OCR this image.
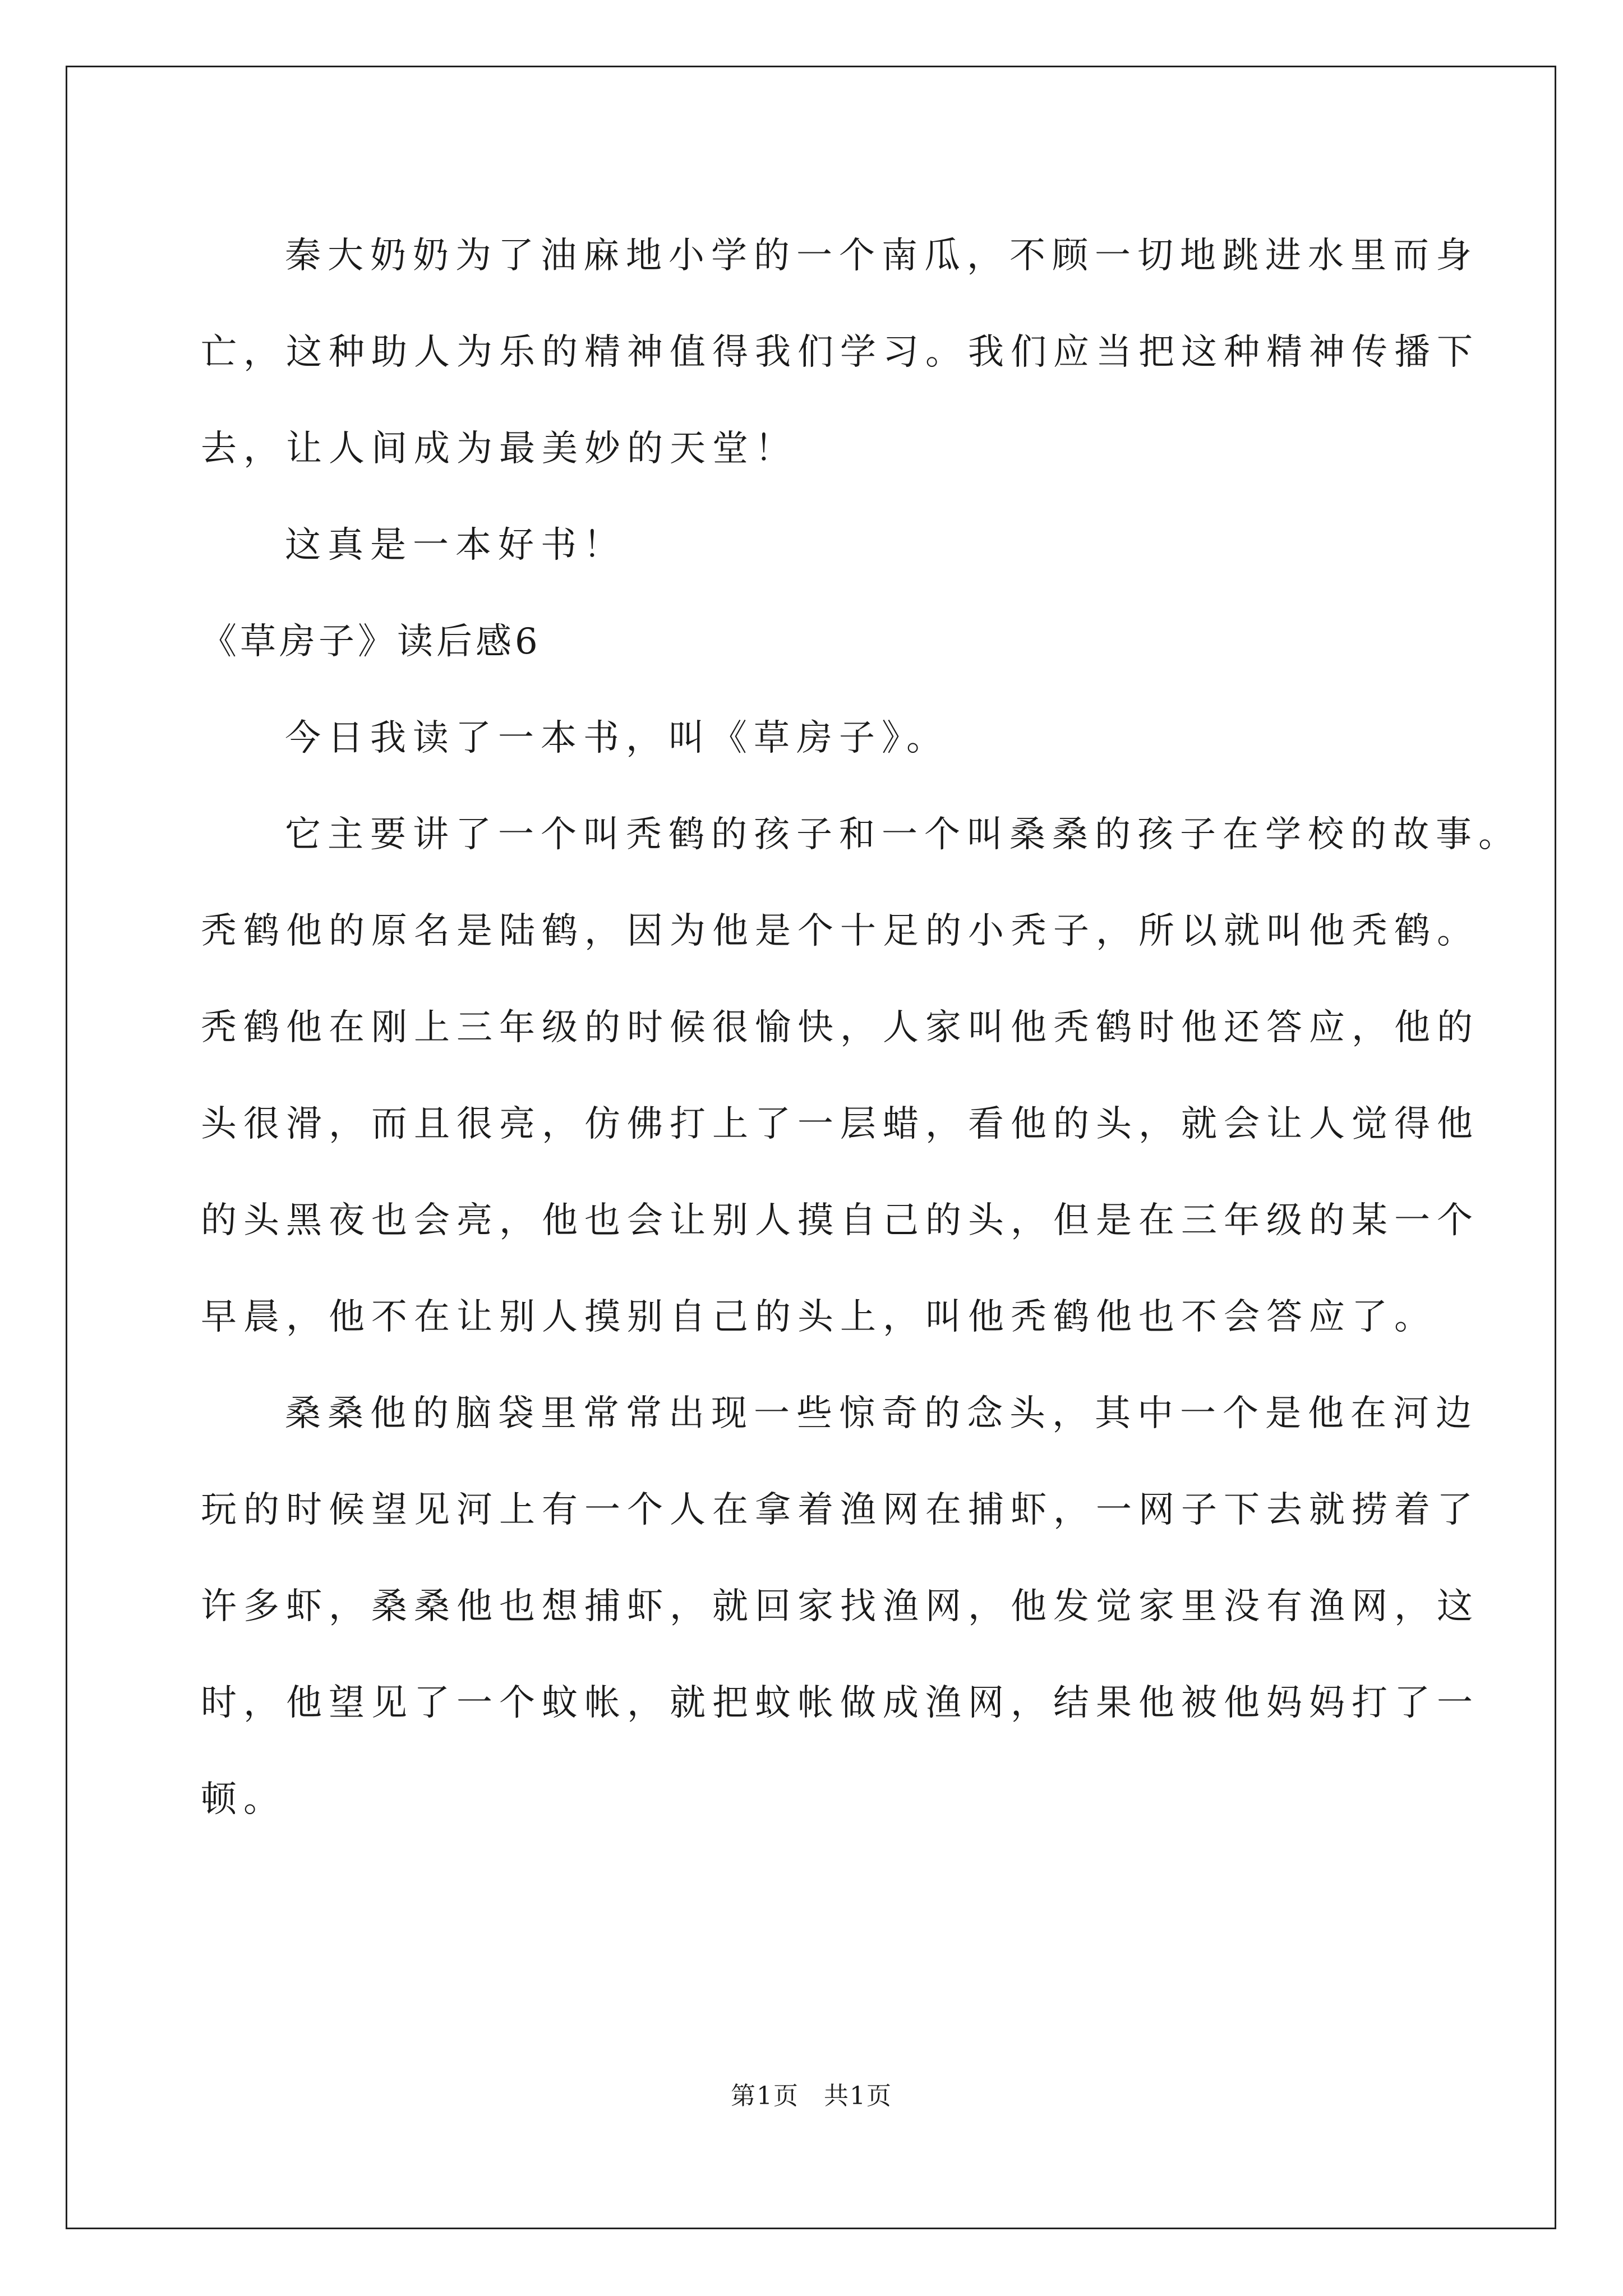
秦大奶奶为了油麻地小学的一个南瓜，不顾一切地跳进水里而身
亡，这种助人为乐的精神值得我们学习。我们应当把这种精神传播下
去，让人间成为最美妙的天堂！
这真是一本好书！
《草房子》读后感6
今日我读了一本书，叫《草房子》。
它主要讲了一个叫秃鹤的孩子和一个叫桑桑的孩子在学校的故事。
秃鹤他的原名是陆鹤，因为他是个十足的小秃子，所以就叫他秃鹤。
秃鹤他在刚上三年级的时候很愉快，人家叫他秃鹤时他还答应，他的
头很滑，而且很亮，仿佛打上了一层蜡，看他的头，就会让人觉得他
的头黑夜也会亮，他也会让别人摸自己的头，但是在三年级的某一个
早晨，他不在让别人摸别自己的头上，叫他秃鹤他也不会答应了。
桑桑他的脑袋里常常出现一些惊奇的念头，其中一个是他在河边
玩的时候望见河上有一个人在拿着渔网在捕虾，一网子下去就捞着了
许多虾，桑桑他也想捕虾，就回家找渔网，他发觉家里没有渔网，这
时，他望见了一个蚊帐，就把蚊帐做成渔网，结果他被他妈妈打了一
顿。
第1页 共1页
